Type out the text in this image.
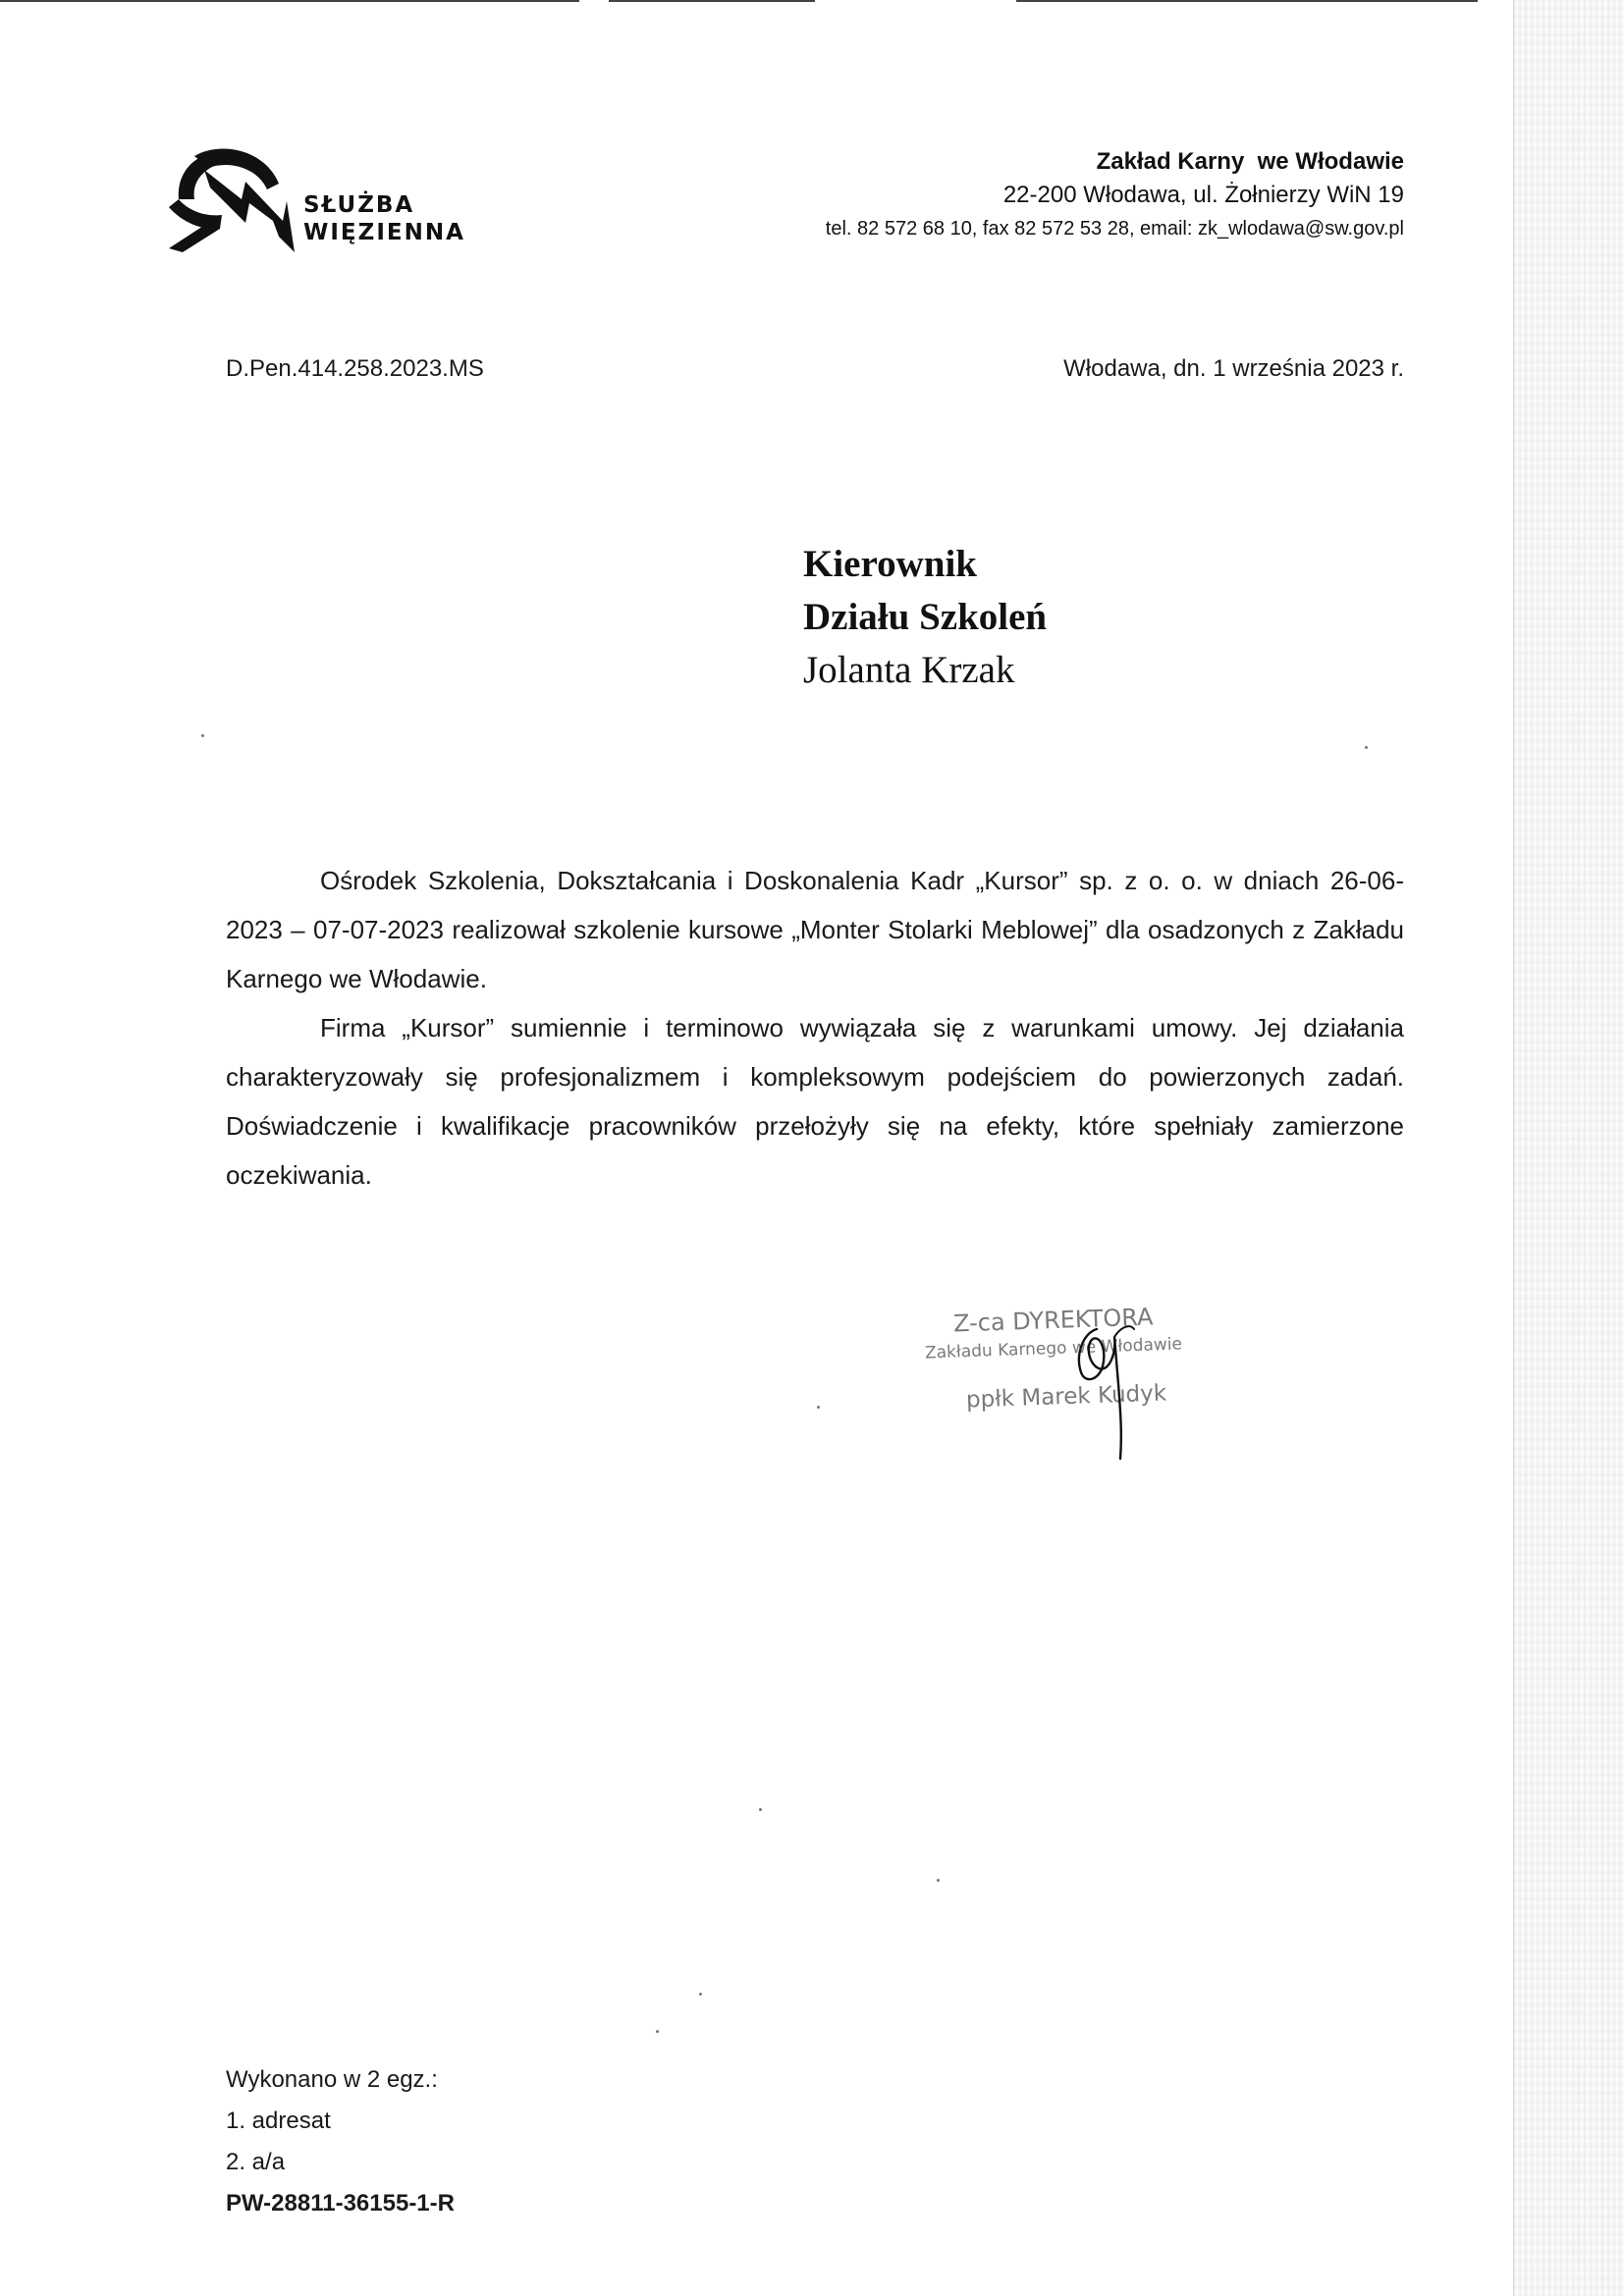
SŁUŻBA
WIĘZIENNA
Zakład Karny  we Włodawie
22-200 Włodawa, ul. Żołnierzy WiN 19
tel. 82 572 68 10, fax 82 572 53 28, email: zk_wlodawa@sw.gov.pl
D.Pen.414.258.2023.MS	Włodawa, dn. 1 września 2023 r.
Kierownik
Działu Szkoleń
Jolanta Krzak

Ośrodek Szkolenia, Dokształcania i Doskonalenia Kadr „Kursor” sp. z o. o. w dniach 26-06-2023 – 07-07-2023 realizował szkolenie kursowe „Monter Stolarki Meblowej” dla osadzonych z Zakładu Karnego we Włodawie.

Firma „Kursor” sumiennie i terminowo wywiązała się z warunkami umowy. Jej działania charakteryzowały się profesjonalizmem i kompleksowym podejściem do powierzonych zadań. Doświadczenie i kwalifikacje pracowników przełożyły się na efekty, które spełniały zamierzone oczekiwania.

Z-ca DYREKTORA
Zakładu Karnego we Włodawie
ppłk Marek Kudyk
Wykonano w 2 egz.:
1. adresat
2. a/a
PW-28811-36155-1-R
